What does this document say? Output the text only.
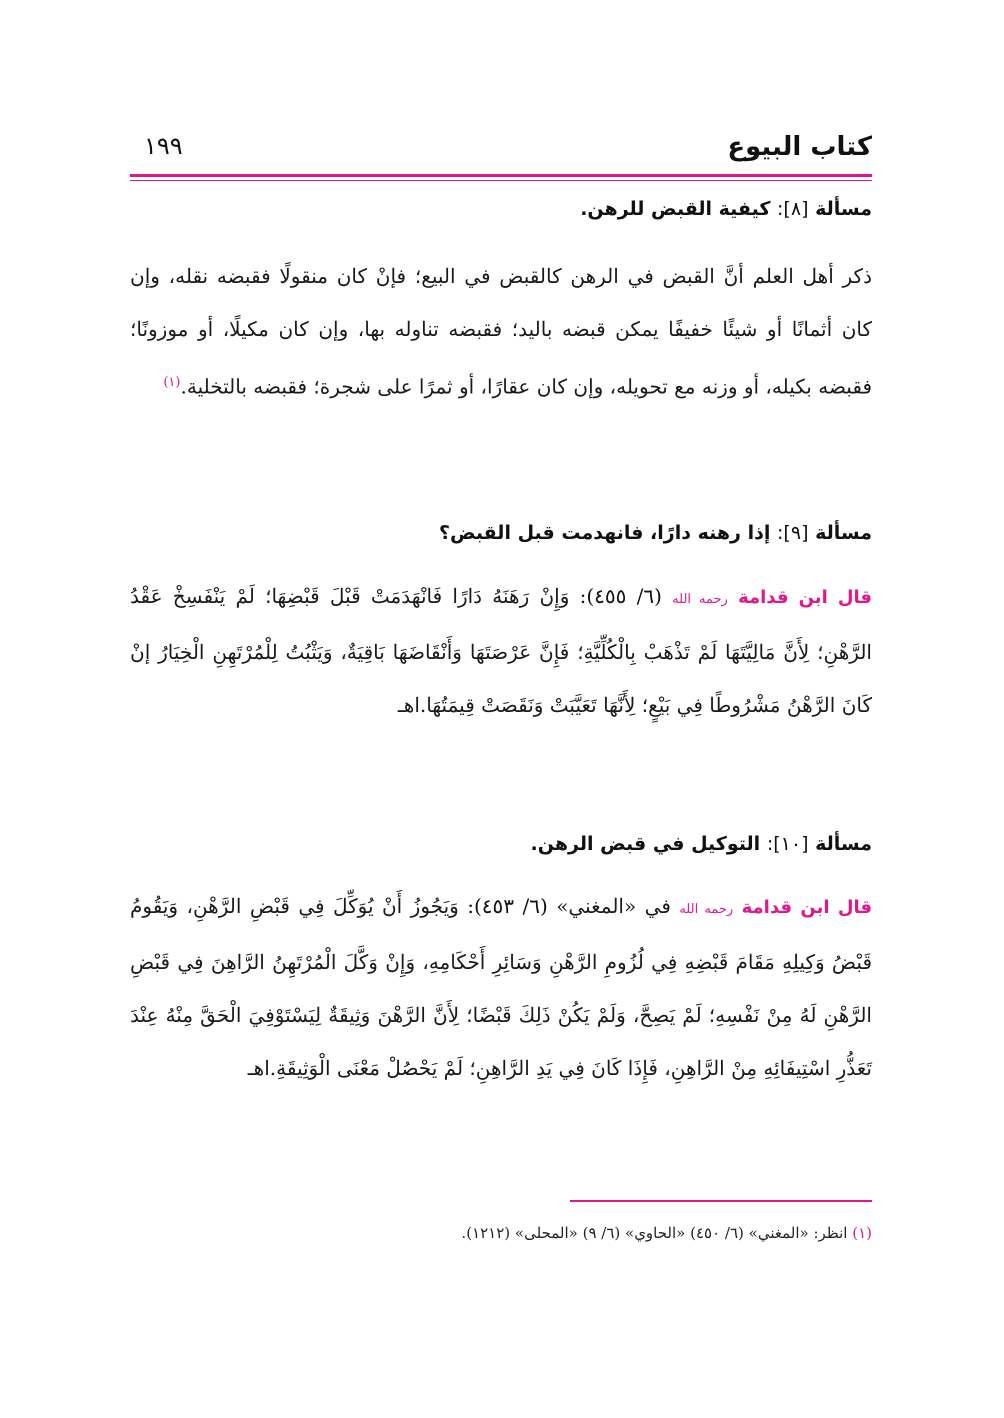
كتاب البيوع
١٩٩
مسألة [٨]: كيفية القبض للرهن.
ذكر أهل العلم أنَّ القبض في الرهن كالقبض في البيع؛ فإنْ كان منقولًا فقبضه نقله، وإن كان أثمانًا أو شيئًا خفيفًا يمكن قبضه باليد؛ فقبضه تناوله بها، وإن كان مكيلًا، أو موزونًا؛ فقبضه بكيله، أو وزنه مع تحويله، وإن كان عقارًا، أو ثمرًا على شجرة؛ فقبضه بالتخلية.$^{(١)}$
مسألة [٩]: إذا رهنه دارًا، فانهدمت قبل القبض؟
قال ابن قدامة رحمه الله (٦/ ٤٥٥): وَإِنْ رَهَنَهُ دَارًا فَانْهَدَمَتْ قَبْلَ قَبْضِهَا؛ لَمْ يَنْفَسِخْ عَقْدُ الرَّهْنِ؛ لِأَنَّ مَالِيَّتَهَا لَمْ تَذْهَبْ بِالْكُلِّيَّةِ؛ فَإِنَّ عَرْصَتَهَا وَأَنْقَاضَهَا بَاقِيَةٌ، وَيَثْبُتُ لِلْمُرْتَهِنِ الْخِيَارُ إنْ كَانَ الرَّهْنُ مَشْرُوطًا فِي بَيْعٍ؛ لِأَنَّهَا تَعَيَّبَتْ وَنَقَصَتْ قِيمَتُهَا.اهـ
مسألة [١٠]: التوكيل في قبض الرهن.
قال ابن قدامة رحمه الله في «المغني» (٦/ ٤٥٣): وَيَجُوزُ أَنْ يُوَكِّلَ فِي قَبْضِ الرَّهْنِ، وَيَقُومُ قَبْضُ وَكِيلِهِ مَقَامَ قَبْضِهِ فِي لُزُومِ الرَّهْنِ وَسَائِرِ أَحْكَامِهِ، وَإِنْ وَكَّلَ الْمُرْتَهِنُ الرَّاهِنَ فِي قَبْضِ الرَّهْنِ لَهُ مِنْ نَفْسِهِ؛ لَمْ يَصِحَّ، وَلَمْ يَكُنْ ذَلِكَ قَبْضًا؛ لِأَنَّ الرَّهْنَ وَثِيقَةٌ لِيَسْتَوْفِيَ الْحَقَّ مِنْهُ عِنْدَ تَعَذُّرِ اسْتِيفَائِهِ مِنْ الرَّاهِنِ، فَإِذَا كَانَ فِي يَدِ الرَّاهِنِ؛ لَمْ يَحْصُلْ مَعْنَى الْوَثِيقَةِ.اهـ
(١) انظر: «المغني» (٦/ ٤٥٠) «الحاوي» (٦/ ٩) «المحلى» (١٢١٢).
